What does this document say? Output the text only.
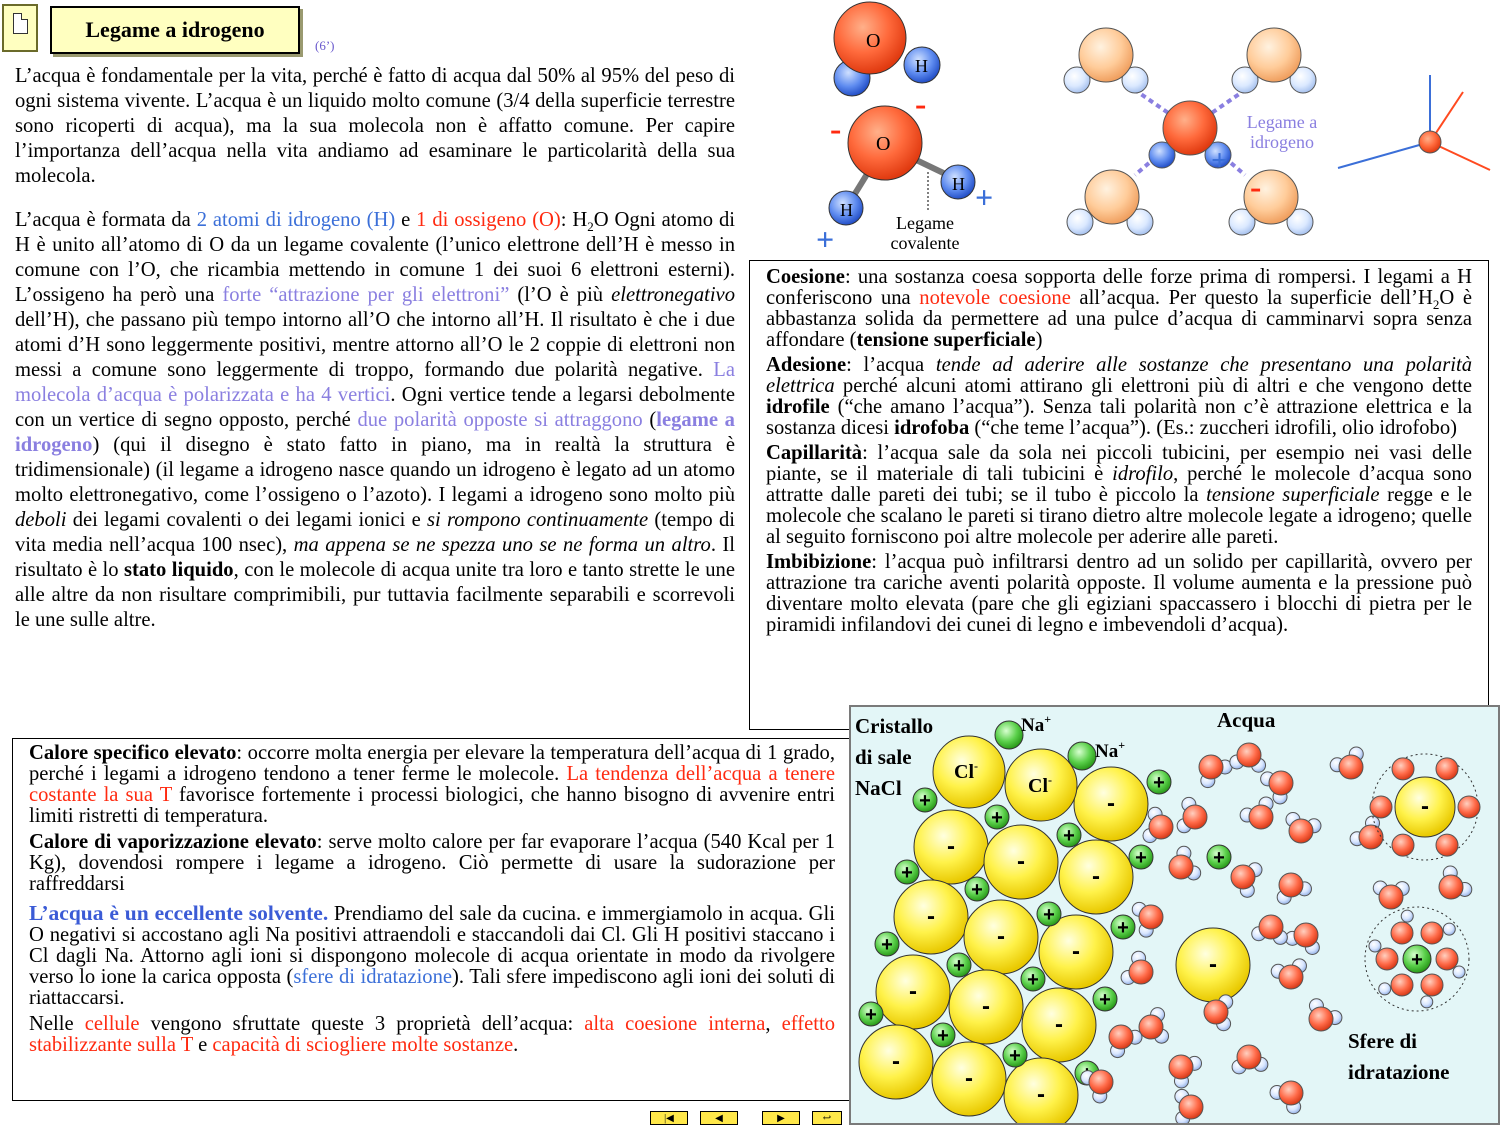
Legame a idrogeno
(6’)
L’acqua è fondamentale per la vita, perché è fatto di acqua dal 50% al 95% del peso di ogni sistema vivente. L’acqua è un liquido molto comune (3/4 della superficie terrestre sono ricoperti di acqua), ma la sua molecola non è affatto comune. Per capire l’importanza dell’acqua nella vita andiamo ad esaminare le particolarità della sua molecola.
L’acqua è formata da 2 atomi di idrogeno (H) e 1 di ossigeno (O): $H_2O$ Ogni atomo di H è unito all’atomo di O da un legame covalente (l’unico elettrone dell’H è messo in comune con l’O, che ricambia mettendo in comune 1 dei suoi 6 elettroni esterni). L’ossigeno ha però una forte “attrazione per gli elettroni” (l’O è più elettronegativo dell’H), che passano più tempo intorno all’O che intorno all’H. Il risultato è che i due atomi d’H sono leggermente positivi, mentre attorno all’O le 2 coppie di elettroni non messi a comune sono leggermente di troppo, formando due polarità negative. La molecola d’acqua è polarizzata e ha 4 vertici. Ogni vertice tende a legarsi debolmente con un vertice di segno opposto, perché due polarità opposte si attraggono (legame a idrogeno) (qui il disegno è stato fatto in piano, ma in realtà la struttura è tridimensionale) (il legame a idrogeno nasce quando un idrogeno è legato ad un atomo molto elettronegativo, come l’ossigeno o l’azoto). I legami a idrogeno sono molto più deboli dei legami covalenti o dei legami ionici e si rompono continuamente (tempo di vita media nell’acqua 100 nsec), ma appena se ne spezza uno se ne forma un altro. Il risultato è lo stato liquido, con le molecole di acqua unite tra loro e tanto strette le une alle altre da non risultare comprimibili, pur tuttavia facilmente separabili e scorrevoli le une sulle altre.
O
H
O
H
H
-
-
+
+	Legame
covalente
+
-
Legame a
idrogeno

Coesione: una sostanza coesa sopporta delle forze prima di rompersi. I legami a H conferiscono una notevole coesione all’acqua. Per questo la superficie $dell’H_2O$ è abbastanza solida da permettere ad una pulce d’acqua di camminarvi sopra senza affondare (tensione superficiale)

Adesione: l’acqua tende ad aderire alle sostanze che presentano una polarità elettrica perché alcuni atomi attirano gli elettroni più di altri e che vengono dette idrofile (“che amano l’acqua”). Senza tali polarità non c’è attrazione elettrica e la sostanza dicesi idrofoba (“che teme l’acqua”). (Es.: zuccheri idrofili, olio idrofobo)

Capillarità: l’acqua sale da sola nei piccoli tubicini, per esempio nei vasi delle piante, se il materiale di tali tubicini è idrofilo, perché le molecole d’acqua sono attratte dalle pareti dei tubi; se il tubo è piccolo la tensione superficiale regge e le molecole che scalano le pareti si tirano dietro altre molecole legate a idrogeno; quelle al seguito forniscono poi altre molecole per aderire alle pareti.

Imbibizione: l’acqua può infiltrarsi dentro ad un solido per capillarità, ovvero per attrazione tra cariche aventi polarità opposte. Il volume aumenta e la pressione può diventare molto elevata (pare che gli egiziani spaccassero i blocchi di pietra per le piramidi infilandovi dei cunei di legno e imbevendoli d’acqua).

Calore specifico elevato: occorre molta energia per elevare la temperatura dell’acqua di 1 grado, perché i legami a idrogeno tendono a tener ferme le molecole. La tendenza dell’acqua a tenere costante la sua T favorisce fortemente i processi biologici, che hanno bisogno di avvenire entri limiti ristretti di temperatura.

Calore di vaporizzazione elevato: serve molto calore per far evaporare l’acqua (540 Kcal per 1 Kg), dovendosi rompere i legame a idrogeno. Ciò permette di usare la sudorazione per raffreddarsi

L’acqua è un eccellente solvente. Prendiamo del sale da cucina. e immergiamolo in acqua. Gli O negativi si accostano agli Na positivi attraendoli e staccandoli dai Cl. Gli H positivi staccano i Cl dagli Na. Attorno agli ioni si dispongono molecole di acqua orientate in modo da rivolgere verso lo ione la carica opposta (sfere di idratazione). Tali sfere impediscono agli ioni dei soluti di riattaccarsi.

Nelle cellule vengono sfruttate queste 3 proprietà dell’acqua: alta coesione interna, effetto stabilizzante sulla T e capacità di sciogliere molte sostanze.

-
-
-
-
-
-
-
-
-
-
-
-
-
-
+
+
+
+
+
+
+
+
+
+
+
+
+
+
+
+
+
-
+
Cristallo
di sale
NaCl
Acqua
Sfere di
idratazione
Na+
Na+
Cl-
Cl-
|◀	◀	▶	↩
